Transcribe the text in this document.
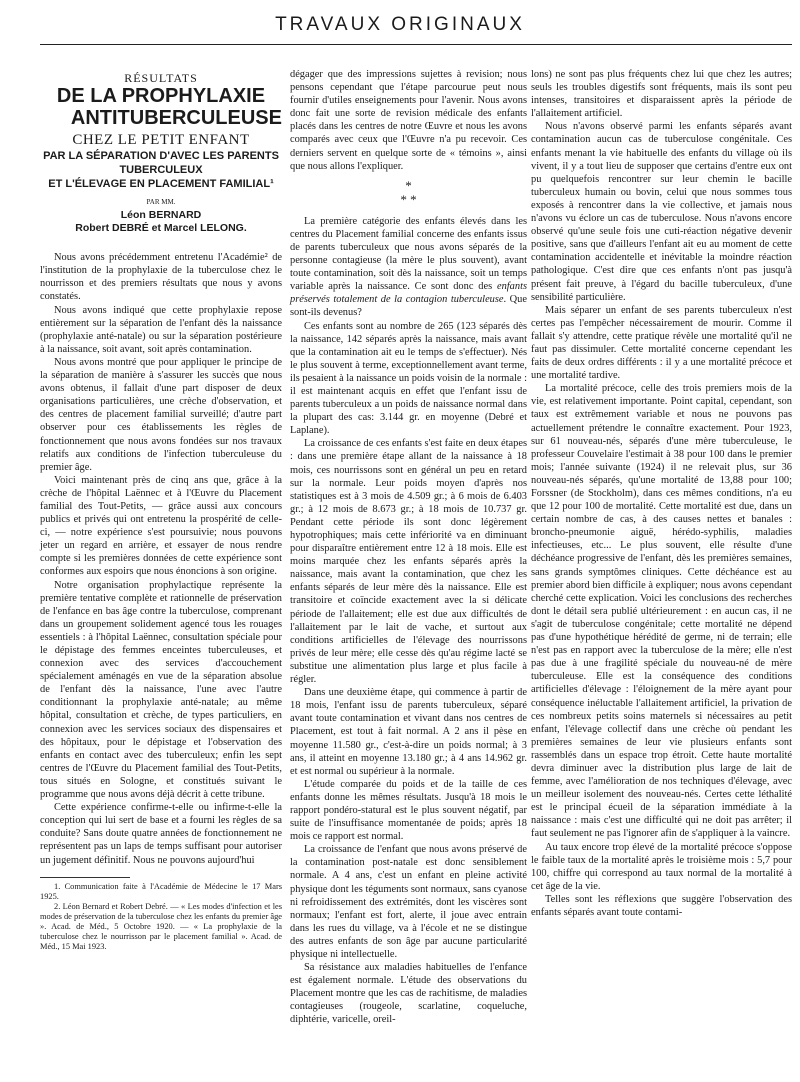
TRAVAUX ORIGINAUX
RÉSULTATS
DE LA PROPHYLAXIE
ANTITUBERCULEUSE
CHEZ LE PETIT ENFANT
PAR LA SÉPARATION D'AVEC LES PARENTS
TUBERCULEUX
ET L'ÉLEVAGE EN PLACEMENT FAMILIAL¹
PAR MM.
Léon BERNARD
Robert DEBRÉ et Marcel LELONG.

Nous avons précédemment entretenu l'Académie² de l'institution de la prophylaxie de la tuberculose chez le nourrisson et des premiers résultats que nous y avons constatés.

Nous avons indiqué que cette prophylaxie repose entièrement sur la séparation de l'enfant dès la naissance (prophylaxie anté-natale) ou sur la séparation postérieure à la naissance, soit avant, soit après contamination.

Nous avons montré que pour appliquer le principe de la séparation de manière à s'assurer les succès que nous avons obtenus, il fallait d'une part disposer de deux organisations particulières, une crèche d'observation, et des centres de placement familial surveillé; d'autre part observer pour ces établissements les règles de fonctionnement que nous avons fondées sur nos travaux relatifs aux conditions de l'infection tuberculeuse du premier âge.

Voici maintenant près de cinq ans que, grâce à la crèche de l'hôpital Laënnec et à l'Œuvre du Placement familial des Tout-Petits, — grâce aussi aux concours publics et privés qui ont entretenu la prospérité de celle-ci, — notre expérience s'est poursuivie; nous pouvons jeter un regard en arrière, et essayer de nous rendre compte si les premières données de cette expérience sont conformes aux espoirs que nous énoncions à son origine.

Notre organisation prophylactique représente la première tentative complète et rationnelle de préservation de l'enfance en bas âge contre la tuberculose, comprenant dans un groupement solidement agencé tous les rouages essentiels : à l'hôpital Laënnec, consultation spéciale pour le dépistage des femmes enceintes tuberculeuses, et connexion avec des services d'accouchement spécialement aménagés en vue de la séparation absolue de l'enfant dès la naissance, l'une avec l'autre conditionnant la prophylaxie anté-natale; au même hôpital, consultation et crèche, de types particuliers, en connexion avec les services sociaux des dispensaires et des hôpitaux, pour le dépistage et l'observation des enfants en contact avec des tuberculeux; enfin les sept centres de l'Œuvre du Placement familial des Tout-Petits, tous situés en Sologne, et constitués suivant le programme que nous avons déjà décrit à cette tribune.

Cette expérience confirme-t-elle ou infirme-t-elle la conception qui lui sert de base et a fourni les règles de sa conduite? Sans doute quatre années de fonctionnement ne représentent pas un laps de temps suffisant pour autoriser un jugement définitif. Nous ne pouvons aujourd'hui

1. Communication faite à l'Académie de Médecine le 17 Mars 1925.

2. Léon Bernard et Robert Debré. — « Les modes d'infection et les modes de préservation de la tuberculose chez les enfants du premier âge ». Acad. de Méd., 5 Octobre 1920. — « La prophylaxie de la tuberculose chez le nourrisson par le placement familial ». Acad. de Méd., 15 Mai 1923.

dégager que des impressions sujettes à revision; nous pensons cependant que l'étape parcourue peut nous fournir d'utiles enseignements pour l'avenir. Nous avons donc fait une sorte de revision médicale des enfants placés dans les centres de notre Œuvre et nous les avons comparés avec ceux que l'Œuvre n'a pu recevoir. Ces derniers servent en quelque sorte de « témoins », ainsi que nous allons l'expliquer.

*
* *

La première catégorie des enfants élevés dans les centres du Placement familial concerne des enfants issus de parents tuberculeux que nous avons séparés de la personne contagieuse (la mère le plus souvent), avant toute contamination, soit dès la naissance, soit un temps variable après la naissance. Ce sont donc des enfants préservés totalement de la contagion tuberculeuse. Que sont-ils devenus?

Ces enfants sont au nombre de 265 (123 séparés dès la naissance, 142 séparés après la naissance, mais avant que la contamination ait eu le temps de s'effectuer). Nés le plus souvent à terme, exceptionnellement avant terme, ils pesaient à la naissance un poids voisin de la normale : il est maintenant acquis en effet que l'enfant issu de parents tuberculeux a un poids de naissance normal dans la plupart des cas: 3.144 gr. en moyenne (Debré et Laplane).

La croissance de ces enfants s'est faite en deux étapes : dans une première étape allant de la naissance à 18 mois, ces nourrissons sont en général un peu en retard sur la normale. Leur poids moyen d'après nos statistiques est à 3 mois de 4.509 gr.; à 6 mois de 6.403 gr.; à 12 mois de 8.673 gr.; à 18 mois de 10.737 gr. Pendant cette période ils sont donc légèrement hypotrophiques; mais cette infériorité va en diminuant pour disparaître entièrement entre 12 à 18 mois. Elle est moins marquée chez les enfants séparés après la naissance, mais avant la contamination, que chez les enfants séparés de leur mère dès la naissance. Elle est transitoire et coïncide exactement avec la si délicate période de l'allaitement; elle est due aux difficultés de l'allaitement par le lait de vache, et surtout aux conditions artificielles de l'élevage des nourrissons privés de leur mère; elle cesse dès qu'au régime lacté se substitue une alimentation plus large et plus facile à régler.

Dans une deuxième étape, qui commence à partir de 18 mois, l'enfant issu de parents tuberculeux, séparé avant toute contamination et vivant dans nos centres de Placement, est tout à fait normal. A 2 ans il pèse en moyenne 11.580 gr., c'est-à-dire un poids normal; à 3 ans, il atteint en moyenne 13.180 gr.; à 4 ans 14.962 gr. et est normal ou supérieur à la normale.

L'étude comparée du poids et de la taille de ces enfants donne les mêmes résultats. Jusqu'à 18 mois le rapport pondéro-statural est le plus souvent négatif, par suite de l'insuffisance momentanée de poids; après 18 mois ce rapport est normal.

La croissance de l'enfant que nous avons préservé de la contamination post-natale est donc sensiblement normale. A 4 ans, c'est un enfant en pleine activité physique dont les téguments sont normaux, sans cyanose ni refroidissement des extrémités, dont les viscères sont normaux; l'enfant est fort, alerte, il joue avec entrain dans les rues du village, va à l'école et ne se distingue des autres enfants de son âge par aucune particularité physique ni intellectuelle.

Sa résistance aux maladies habituelles de l'enfance est également normale. L'étude des observations du Placement montre que les cas de rachitisme, de maladies contagieuses (rougeole, scarlatine, coqueluche, diphtérie, varicelle, oreil-

lons) ne sont pas plus fréquents chez lui que chez les autres; seuls les troubles digestifs sont fréquents, mais ils sont peu intenses, transitoires et disparaissent après la période de l'allaitement artificiel.

Nous n'avons observé parmi les enfants séparés avant contamination aucun cas de tuberculose congénitale. Ces enfants menant la vie habituelle des enfants du village où ils vivent, il y a tout lieu de supposer que certains d'entre eux ont pu quelquefois rencontrer sur leur chemin le bacille tuberculeux humain ou bovin, celui que nous sommes tous exposés à rencontrer dans la vie collective, et jamais nous n'avons vu éclore un cas de tuberculose. Nous n'avons encore observé qu'une seule fois une cuti-réaction négative devenir positive, sans que d'ailleurs l'enfant ait eu au moment de cette contamination accidentelle et inévitable la moindre réaction pathologique. C'est dire que ces enfants n'ont pas jusqu'à présent fait preuve, à l'égard du bacille tuberculeux, d'une sensibilité particulière.

Mais séparer un enfant de ses parents tuberculeux n'est certes pas l'empêcher nécessairement de mourir. Comme il fallait s'y attendre, cette pratique révèle une mortalité qu'il ne faut pas dissimuler. Cette mortalité concerne cependant les faits de deux ordres différents : il y a une mortalité précoce et une mortalité tardive.

La mortalité précoce, celle des trois premiers mois de la vie, est relativement importante. Point capital, cependant, son taux est extrêmement variable et nous ne pouvons pas actuellement prétendre le connaître exactement. Pour 1923, sur 61 nouveau-nés, séparés d'une mère tuberculeuse, le professeur Couvelaire l'estimait à 38 pour 100 dans le premier mois; l'année suivante (1924) il ne relevait plus, sur 36 nouveau-nés séparés, qu'une mortalité de 13,88 pour 100; Forssner (de Stockholm), dans ces mêmes conditions, n'a eu que 12 pour 100 de mortalité. Cette mortalité est due, dans un certain nombre de cas, à des causes nettes et banales : broncho-pneumonie aiguë, hérédo-syphilis, maladies infectieuses, etc... Le plus souvent, elle résulte d'une déchéance progressive de l'enfant, dès les premières semaines, sans grands symptômes cliniques. Cette déchéance est au premier abord bien difficile à expliquer; nous avons cependant cherché cette explication. Voici les conclusions des recherches dont le détail sera publié ultérieurement : en aucun cas, il ne s'agit de tuberculose congénitale; cette mortalité ne dépend pas d'une hypothétique hérédité de germe, ni de terrain; elle n'est pas en rapport avec la tuberculose de la mère; elle n'est pas due à une fragilité spéciale du nouveau-né de mère tuberculeuse. Elle est la conséquence des conditions artificielles d'élevage : l'éloignement de la mère ayant pour conséquence inéluctable l'allaitement artificiel, la privation de ces nombreux petits soins maternels si nécessaires au petit enfant, l'élevage collectif dans une crèche où pendant les premières semaines de leur vie plusieurs enfants sont rassemblés dans un espace trop étroit. Cette haute mortalité devra diminuer avec la distribution plus large de lait de femme, avec l'amélioration de nos techniques d'élevage, avec un meilleur isolement des nouveau-nés. Certes cette léthalité est le principal écueil de la séparation immédiate à la naissance : mais c'est une difficulté qui ne doit pas arrêter; il faut seulement ne pas l'ignorer afin de s'appliquer à la vaincre.

Au taux encore trop élevé de la mortalité précoce s'oppose le faible taux de la mortalité après le troisième mois : 5,7 pour 100, chiffre qui correspond au taux normal de la mortalité à cet âge de la vie.

Telles sont les réflexions que suggère l'observation des enfants séparés avant toute contami-
